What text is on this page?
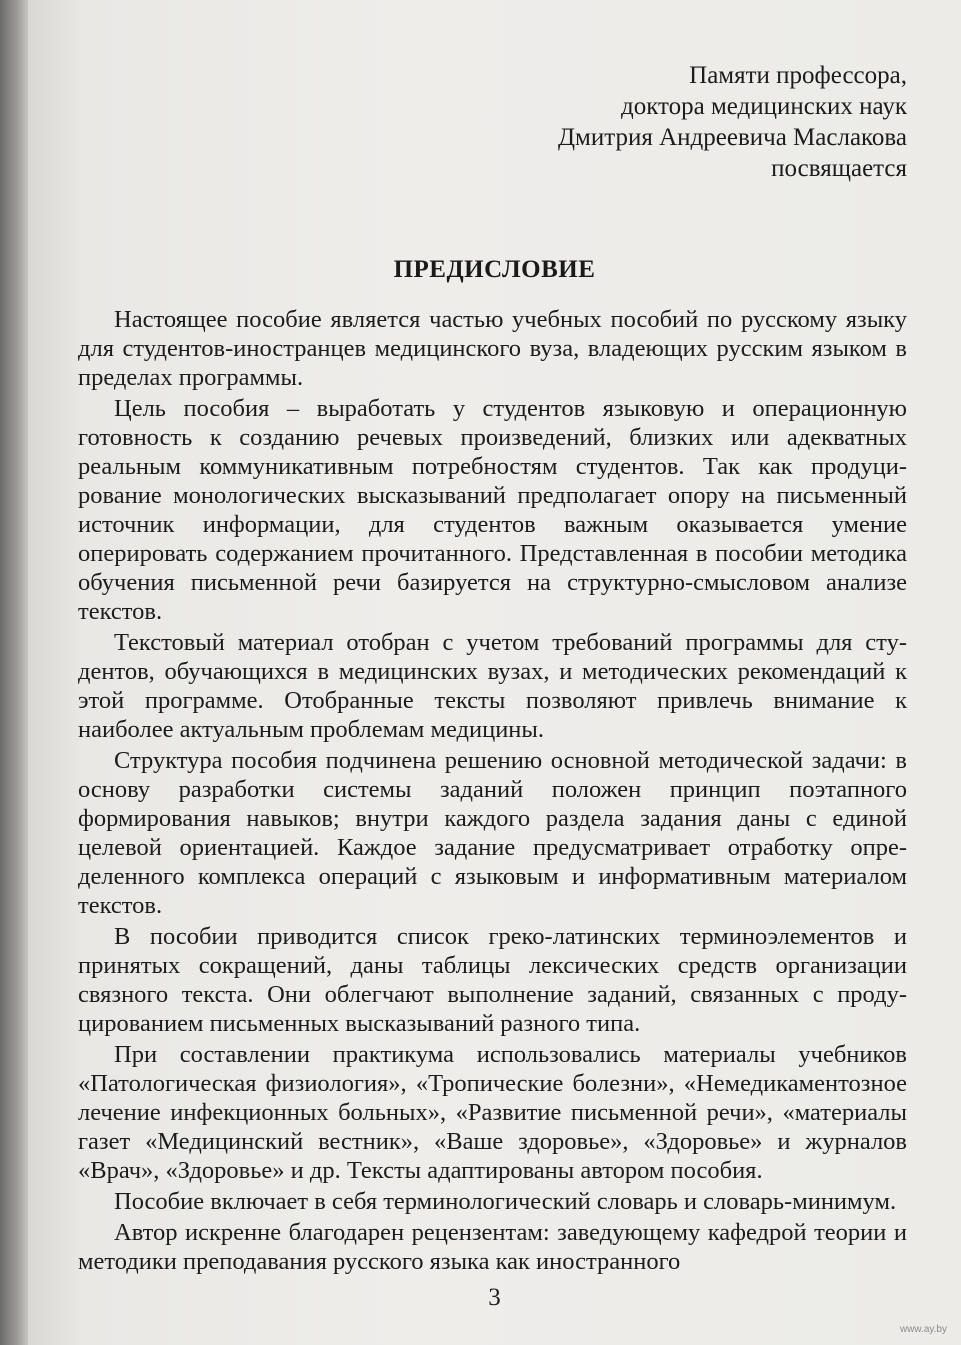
Памяти профессора,
доктора медицинских наук
Дмитрия Андреевича Маслакова
посвящается
ПРЕДИСЛОВИЕ

Настоящее пособие является частью учебных пособий по русскому языку для студентов-иностранцев медицинского вуза, владеющих русским языком в пределах программы.

Цель пособия – выработать у студентов языковую и операционную готовность к созданию речевых произведений, близких или адекватных реальным коммуникативным потребностям студентов. Так как продуцирование монологических высказываний предполагает опору на письменный источник информации, для студентов важным оказывается умение оперировать содержанием прочитанного. Представленная в пособии методика обучения письменной речи базируется на структурно-смысловом анализе текстов.

Текстовый материал отобран с учетом требований программы для студентов, обучающихся в медицинских вузах, и методических рекомендаций к этой программе. Отобранные тексты позволяют привлечь внимание к наиболее актуальным проблемам медицины.

Структура пособия подчинена решению основной методической задачи: в основу разработки системы заданий положен принцип поэтапного формирования навыков; внутри каждого раздела задания даны с единой целевой ориентацией. Каждое задание предусматривает отработку определенного комплекса операций с языковым и информативным материалом текстов.

В пособии приводится список греко-латинских терминоэлементов и принятых сокращений, даны таблицы лексических средств организации связного текста. Они облегчают выполнение заданий, связанных с продуцированием письменных высказываний разного типа.

При составлении практикума использовались материалы учебников «Патологическая физиология», «Тропические болезни», «Немедикаментозное лечение инфекционных больных», «Развитие письменной речи», «материалы газет «Медицинский вестник», «Ваше здоровье», «Здоровье» и журналов «Врач», «Здоровье» и др. Тексты адаптированы автором пособия.

Пособие включает в себя терминологический словарь и словарь-минимум.

Автор искренне благодарен рецензентам: заведующему кафедрой теории и методики преподавания русского языка как иностранного

3
www.ay.by
